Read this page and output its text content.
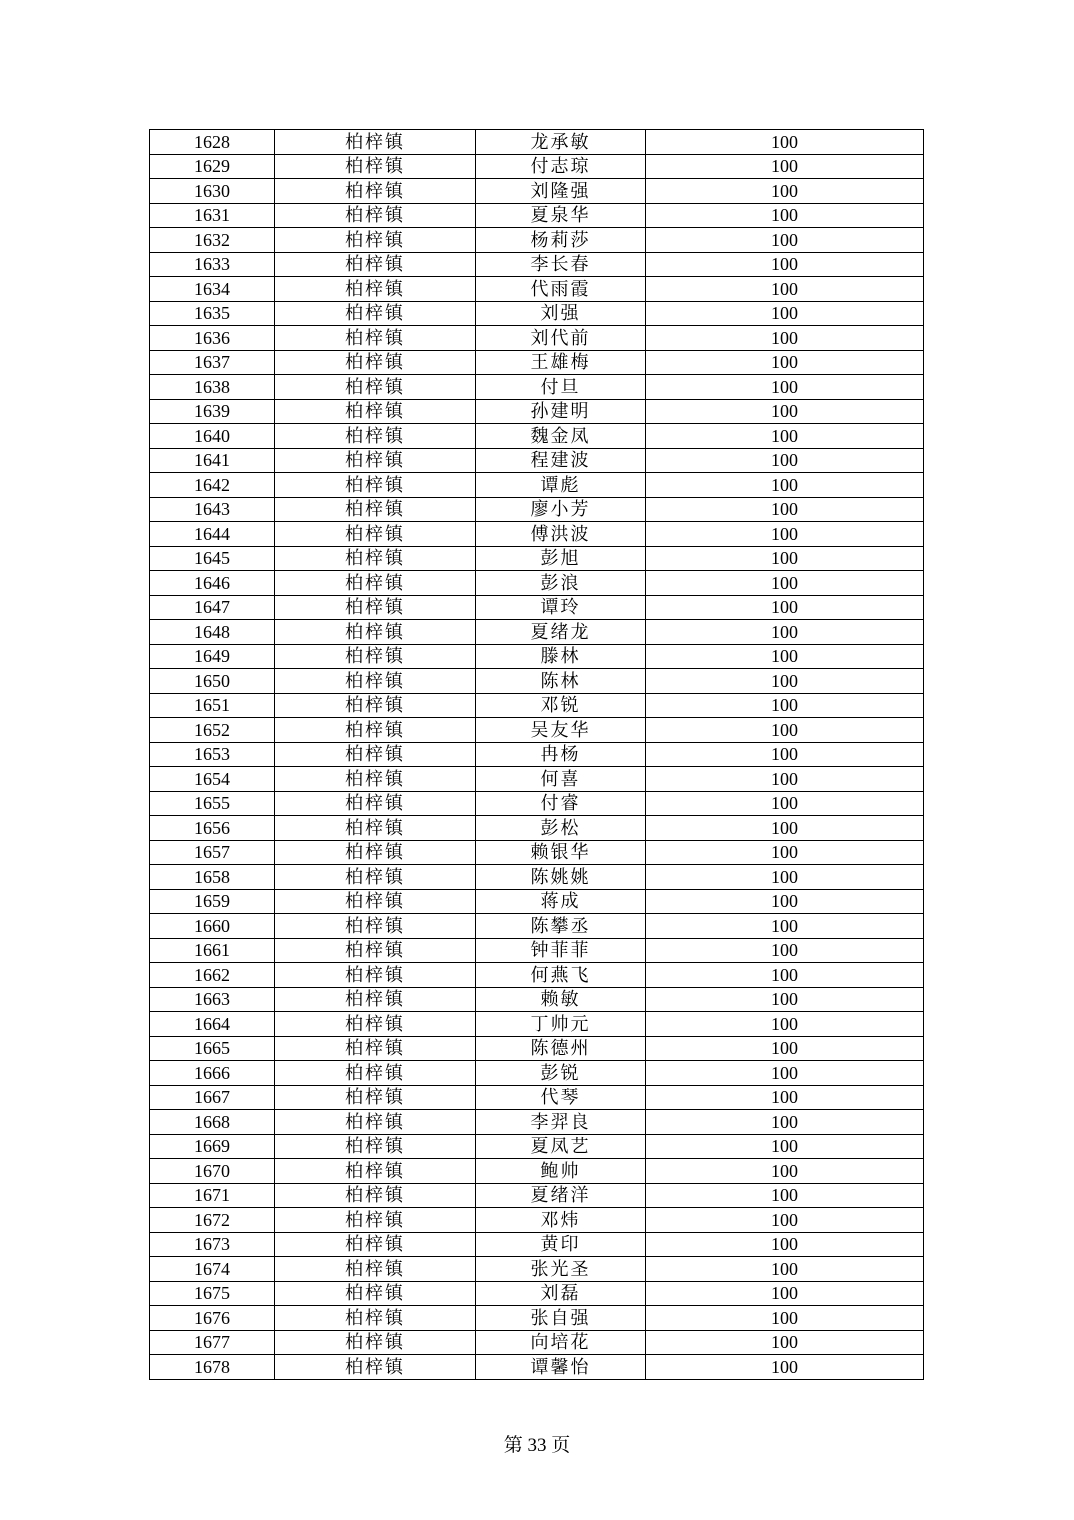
1628	柏梓镇	龙承敏	100
1629	柏梓镇	付志琼	100
1630	柏梓镇	刘隆强	100
1631	柏梓镇	夏泉华	100
1632	柏梓镇	杨莉莎	100
1633	柏梓镇	李长春	100
1634	柏梓镇	代雨霞	100
1635	柏梓镇	刘强	100
1636	柏梓镇	刘代前	100
1637	柏梓镇	王雄梅	100
1638	柏梓镇	付旦	100
1639	柏梓镇	孙建明	100
1640	柏梓镇	魏金凤	100
1641	柏梓镇	程建波	100
1642	柏梓镇	谭彪	100
1643	柏梓镇	廖小芳	100
1644	柏梓镇	傅洪波	100
1645	柏梓镇	彭旭	100
1646	柏梓镇	彭浪	100
1647	柏梓镇	谭玲	100
1648	柏梓镇	夏绪龙	100
1649	柏梓镇	滕林	100
1650	柏梓镇	陈林	100
1651	柏梓镇	邓锐	100
1652	柏梓镇	吴友华	100
1653	柏梓镇	冉杨	100
1654	柏梓镇	何喜	100
1655	柏梓镇	付睿	100
1656	柏梓镇	彭松	100
1657	柏梓镇	赖银华	100
1658	柏梓镇	陈姚姚	100
1659	柏梓镇	蒋成	100
1660	柏梓镇	陈攀丞	100
1661	柏梓镇	钟菲菲	100
1662	柏梓镇	何燕飞	100
1663	柏梓镇	赖敏	100
1664	柏梓镇	丁帅元	100
1665	柏梓镇	陈德州	100
1666	柏梓镇	彭锐	100
1667	柏梓镇	代琴	100
1668	柏梓镇	李羿良	100
1669	柏梓镇	夏凤艺	100
1670	柏梓镇	鲍帅	100
1671	柏梓镇	夏绪洋	100
1672	柏梓镇	邓炜	100
1673	柏梓镇	黄印	100
1674	柏梓镇	张光圣	100
1675	柏梓镇	刘磊	100
1676	柏梓镇	张自强	100
1677	柏梓镇	向培花	100
1678	柏梓镇	谭馨怡	100
第 33 页
